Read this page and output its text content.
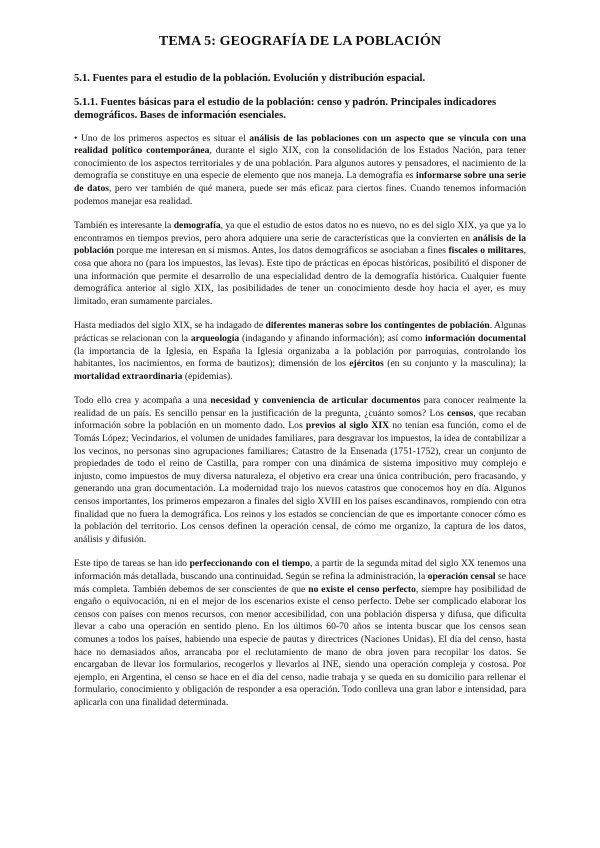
TEMA 5: GEOGRAFÍA DE LA POBLACIÓN
5.1. Fuentes para el estudio de la población. Evolución y distribución espacial.
5.1.1. Fuentes básicas para el estudio de la población: censo y padrón. Principales indicadores demográficos. Bases de información esenciales.

• Uno de los primeros aspectos es situar el análisis de las poblaciones con un aspecto que se vincula con una realidad político contemporánea, durante el siglo XIX, con la consolidación de los Estados Nación, para tener conocimiento de los aspectos territoriales y de una población. Para algunos autores y pensadores, el nacimiento de la demografía se constituye en una especie de elemento que nos maneja. La demografía es informarse sobre una serie de datos, pero ver también de qué manera, puede ser más eficaz para ciertos fines. Cuando tenemos información podemos manejar esa realidad.

También es interesante la demografía, ya que el estudio de estos datos no es nuevo, no es del siglo XIX, ya que ya lo encontramos en tiempos previos, pero ahora adquiere una serie de características que la convierten en análisis de la población porque me interesan en sí mismos. Antes, los datos demográficos se asociaban a fines fiscales o militares, cosa que ahora no (para los impuestos, las levas). Este tipo de prácticas en épocas históricas, posibilitó el disponer de una información que permite el desarrollo de una especialidad dentro de la demografía histórica. Cualquier fuente demográfica anterior al siglo XIX, las posibilidades de tener un conocimiento desde hoy hacia el ayer, es muy limitado, eran sumamente parciales.

Hasta mediados del siglo XIX, se ha indagado de diferentes maneras sobre los contingentes de población. Algunas prácticas se relacionan con la arqueología (indagando y afinando información); así como información documental (la importancia de la Iglesia, en España la Iglesia organizaba a la población por parroquias, controlando los habitantes, los nacimientos, en forma de bautizos); dimensión de los ejércitos (en su conjunto y la masculina); la mortalidad extraordinaria (epidemias).

Todo ello crea y acompaña a una necesidad y conveniencia de articular documentos para conocer realmente la realidad de un país. Es sencillo pensar en la justificación de la pregunta, ¿cuánto somos? Los censos, que recaban información sobre la población en un momento dado. Los previos al siglo XIX no tenían esa función, como el de Tomás López; Vecindarios, el volumen de unidades familiares, para desgravar los impuestos, la idea de contabilizar a los vecinos, no personas sino agrupaciones familiares; Catastro de la Ensenada (1751-1752), crear un conjunto de propiedades de todo el reino de Castilla, para romper con una dinámica de sistema impositivo muy complejo e injusto, como impuestos de muy diversa naturaleza, el objetivo era crear una única contribución, pero fracasando, y generando una gran documentación. La modernidad trajo los nuevos catastros que conocemos hoy en día. Algunos censos importantes, los primeros empezaron a finales del siglo XVIII en los países escandinavos, rompiendo con otra finalidad que no fuera la demográfica. Los reinos y los estados se conciencian de que es importante conocer cómo es la población del territorio. Los censos definen la operación censal, de cómo me organizo, la captura de los datos, análisis y difusión.

Este tipo de tareas se han ido perfeccionando con el tiempo, a partir de la segunda mitad del siglo XX tenemos una información más detallada, buscando una continuidad. Según se refina la administración, la operación censal se hace más completa. También debemos de ser conscientes de que no existe el censo perfecto, siempre hay posibilidad de engaño o equivocación, ni en el mejor de los escenarios existe el censo perfecto. Debe ser complicado elaborar los censos con países con menos recursos, con menor accesibilidad, con una población dispersa y difusa, que dificulta llevar a cabo una operación en sentido pleno. En los últimos 60-70 años se intenta buscar que los censos sean comunes a todos los países, habiendo una especie de pautas y directrices (Naciones Unidas). El día del censo, hasta hace no demasiados años, arrancaba por el reclutamiento de mano de obra joven para recopilar los datos. Se encargaban de llevar los formularios, recogerlos y llevarlos al INE, siendo una operación compleja y costosa. Por ejemplo, en Argentina, el censo se hace en el día del censo, nadie trabaja y se queda en su domicilio para rellenar el formulario, conocimiento y obligación de responder a esa operación. Todo conlleva una gran labor e intensidad, para aplicarla con una finalidad determinada.
